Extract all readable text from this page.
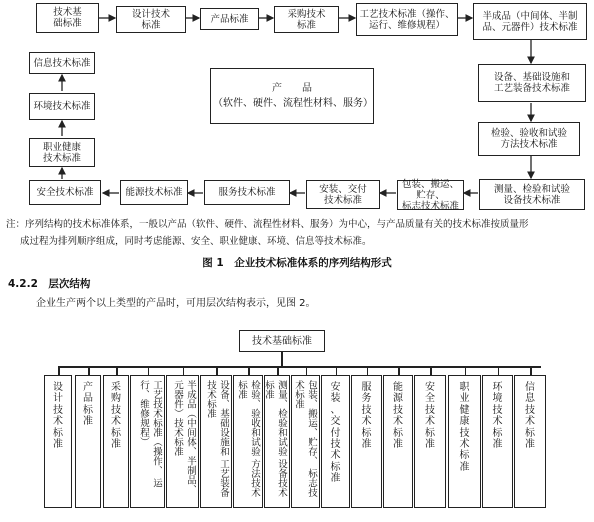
技术基
础标准
设计技术
标准
产品标准	采购技术
标准
工艺技术标准（操作、
运行、维修规程）
半成品（中间体、半制
品、元器件）技术标准
信息技术标准
环境技术标准
职业健康
技术标准
产　　品
（软件、硬件、流程性材料、服务）
设备、基础设施和
工艺装备技术标准
检验、验收和试验
方法技术标准
安全技术标准	能源技术标准	服务技术标准	安装、交付
技术标准
包装、搬运、贮存、
标志技术标准
测量、检验和试验
设备技术标准
注：序列结构的技术标准体系，一般以产品（软件、硬件、流程性材料、服务）为中心，与产品质量有关的技术标准按质量形
成过程为排列顺序组成，同时考虑能源、安全、职业健康、环境、信息等技术标准。
图 1　企业技术标准体系的序列结构形式
4.2.2　层次结构
企业生产两个以上类型的产品时，可用层次结构表示，见图 2。
技术基础标准
设
计
技
术
标
准
产
品
标
准
采
购
技
术
标
准	工艺技术标准（操作、 运行、维修规程）	半成品（中间体、半制品、 元器件）技术标准	设备、基础设施和 工艺装备技术标准	检验、验收和试验 方法技术标准	测量、检验和试验 设备技术标准	包装、搬运、贮存、 标志技术标准	安
装
、
交
付
技
术
标
准
服
务
技
术
标
准
能
源
技
术
标
准
安
全
技
术
标
准
职
业
健
康
技
术
标
准
环
境
技
术
标
准
信
息
技
术
标
准
